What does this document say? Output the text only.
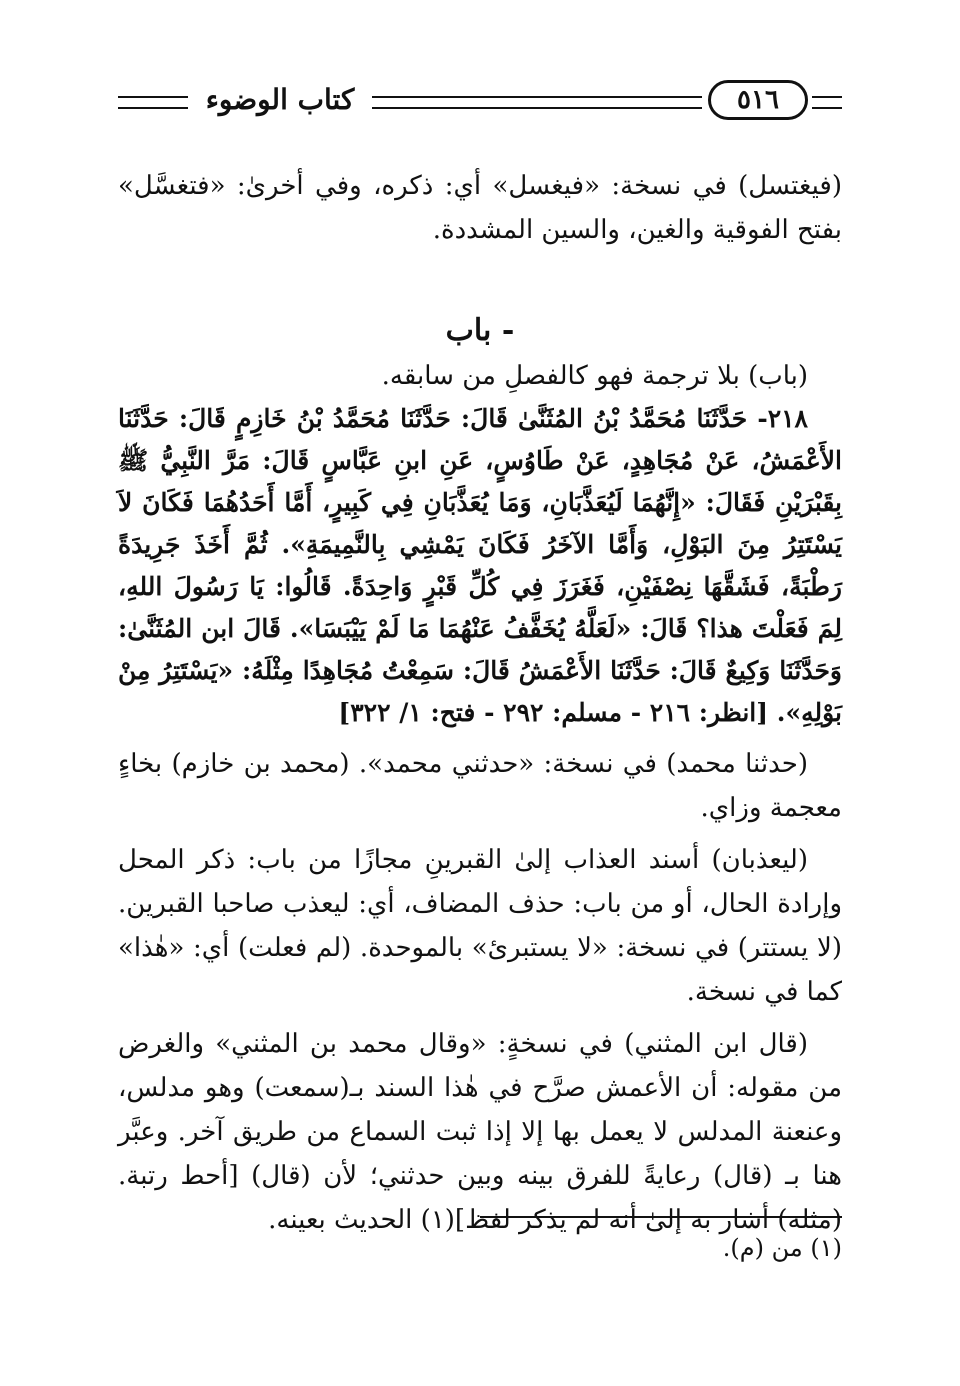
كتاب الوضوء	٥١٦

(فيغتسل) في نسخة: «فيغسل» أي: ذكره، وفي أخرىٰ: «فتغسَّل» بفتح الفوقية والغين، والسين المشددة.

- باب

(باب) بلا ترجمة فهو كالفصلِ من سابقه.

٢١٨- حَدَّثَنَا مُحَمَّدُ بْنُ المُثَنَّىٰ قَالَ: حَدَّثَنَا مُحَمَّدُ بْنُ خَازِمٍ قَالَ: حَدَّثَنَا الأَعْمَشُ، عَنْ مُجَاهِدٍ، عَنْ طَاوُسٍ، عَنِ ابنِ عَبَّاسٍ قَالَ: مَرَّ النَّبِيُّ ﷺ بِقَبْرَيْنِ فَقَالَ: «إِنَّهُمَا لَيُعَذَّبَانِ، وَمَا يُعَذَّبَانِ فِي كَبِيرٍ، أَمَّا أَحَدُهُمَا فَكَانَ لاَ يَسْتَتِرُ مِنَ البَوْلِ، وَأَمَّا الآخَرُ فَكَانَ يَمْشِي بِالنَّمِيمَةِ». ثُمَّ أَخَذَ جَرِيدَةً رَطْبَةً، فَشَقَّهَا نِصْفَيْنِ، فَغَرَزَ فِي كُلِّ قَبْرٍ وَاحِدَةً. قَالُوا: يَا رَسُولَ اللهِ، لِمَ فَعَلْتَ هذا؟ قَالَ: «لَعَلَّهُ يُخَفَّفُ عَنْهُمَا مَا لَمْ يَيْبَسَا». قَالَ ابن المُثَنَّىٰ: وَحَدَّثَنَا وَكِيعٌ قَالَ: حَدَّثَنَا الأَعْمَشُ قَالَ: سَمِعْتُ مُجَاهِدًا مِثْلَهُ: «يَسْتَتِرُ مِنْ بَوْلِهِ». [انظر: ٢١٦ - مسلم: ٢٩٢ - فتح: ١/ ٣٢٢]

(حدثنا محمد) في نسخة: «حدثني محمد». (محمد بن خازم) بخاءٍ معجمة وزاي.

(ليعذبان) أسند العذاب إلىٰ القبرينِ مجازًا من باب: ذكر المحل وإرادة الحال، أو من باب: حذف المضاف، أي: ليعذب صاحبا القبرين. (لا يستتر) في نسخة: «لا يستبرئ» بالموحدة. (لم فعلت) أي: «هٰذا» كما في نسخة.

(قال ابن المثني) في نسخةٍ: «وقال محمد بن المثني» والغرض من مقوله: أن الأعمش صرَّح في هٰذا السند بـ(سمعت) وهو مدلس، وعنعنة المدلس لا يعمل بها إلا إذا ثبت السماع من طريق آخر. وعبَّر هنا بـ (قال) رعايةً للفرق بينه وبين حدثني؛ لأن (قال) [أحط رتبة. (مثله) أشار به إلىٰ أنه لم يذكر لفظ](١) الحديث بعينه.

(١) من (م).
